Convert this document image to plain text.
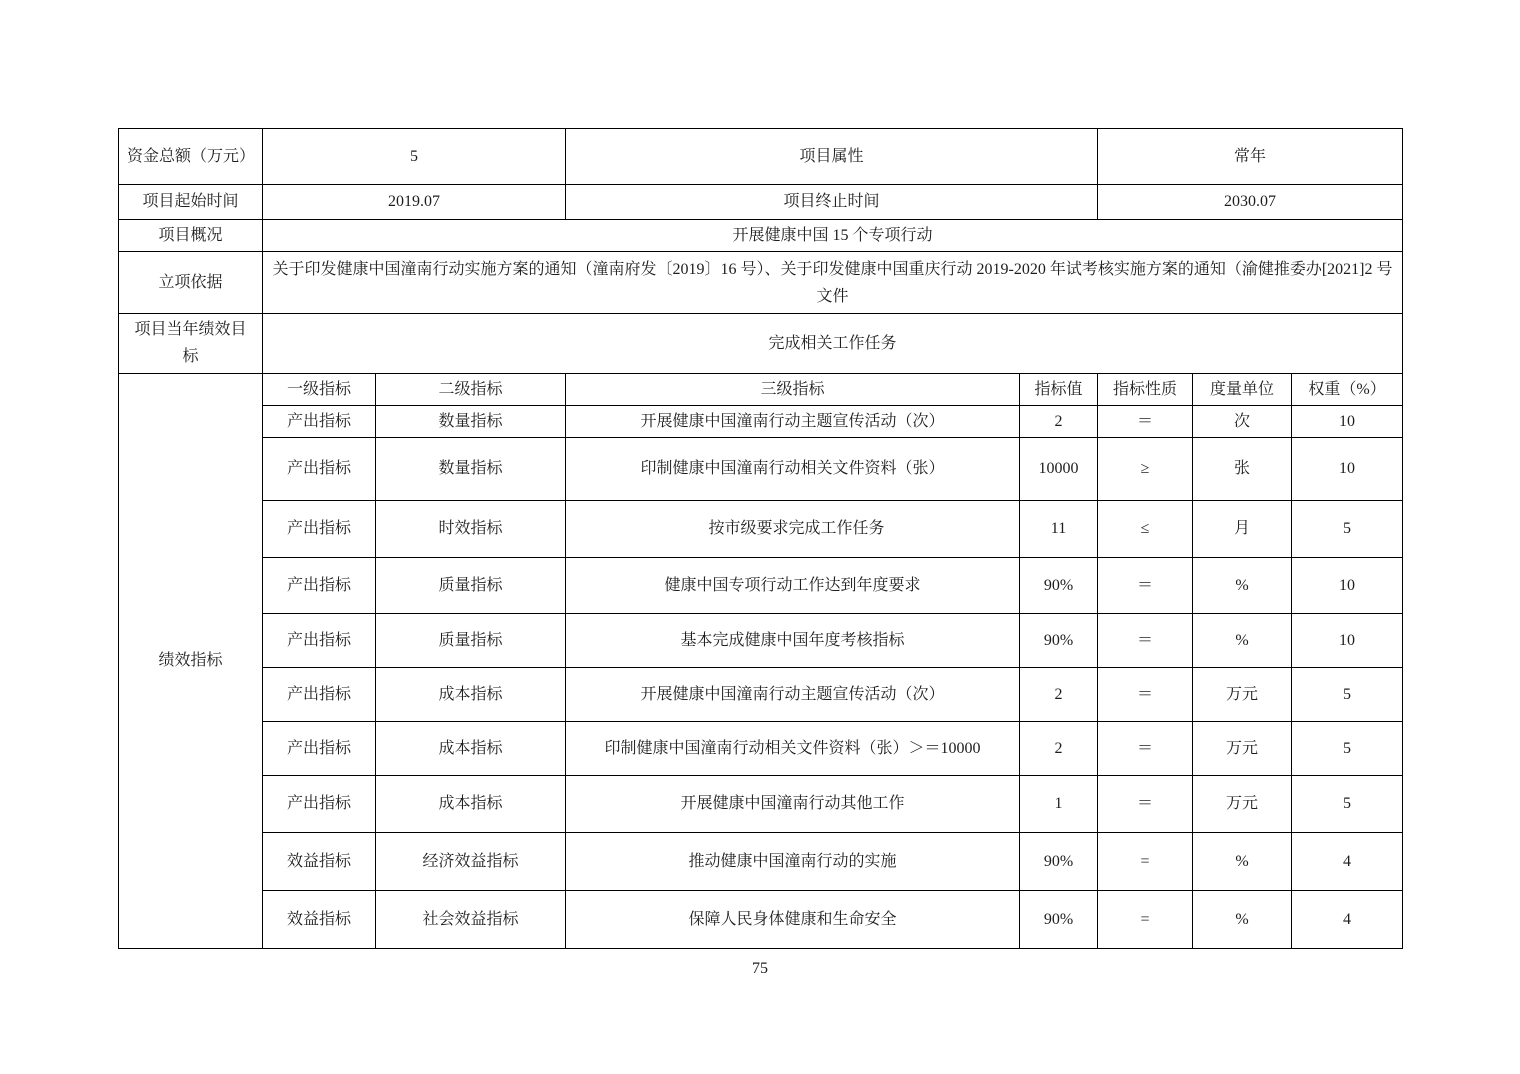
资金总额（万元）	5		项目属性		常年		
项目起始时间	2019.07		项目终止时间		2030.07		
项目概况	开展健康中国 15 个专项行动						
立项依据	关于印发健康中国潼南行动实施方案的通知（潼南府发〔2019〕16 号）、关于印发健康中国重庆行动 2019-2020 年试考核实施方案的通知（渝健推委办[2021]2 号文件						
项目当年绩效目标	完成相关工作任务						
绩效指标	一级指标	二级指标	三级指标	指标值	指标性质	度量单位	权重（%）
	产出指标	数量指标	开展健康中国潼南行动主题宣传活动（次）	2	＝	次	10
	产出指标	数量指标	印制健康中国潼南行动相关文件资料（张）	10000	≥	张	10
	产出指标	时效指标	 按市级要求完成工作任务	11	≤	月	5
	产出指标	质量指标	健康中国专项行动工作达到年度要求	90%	＝	%	10
	产出指标	质量指标	基本完成健康中国年度考核指标	90%	＝	%	10
	产出指标	成本指标	开展健康中国潼南行动主题宣传活动（次）	2	＝	万元	5
	产出指标	成本指标	印制健康中国潼南行动相关文件资料（张）＞＝10000	2	＝	万元	5
	产出指标	成本指标	开展健康中国潼南行动其他工作	1	＝	万元	5
	效益指标	经济效益指标	推动健康中国潼南行动的实施	90%	=	%	4
	效益指标	社会效益指标	保障人民身体健康和生命安全	90%	=	%	4
75
